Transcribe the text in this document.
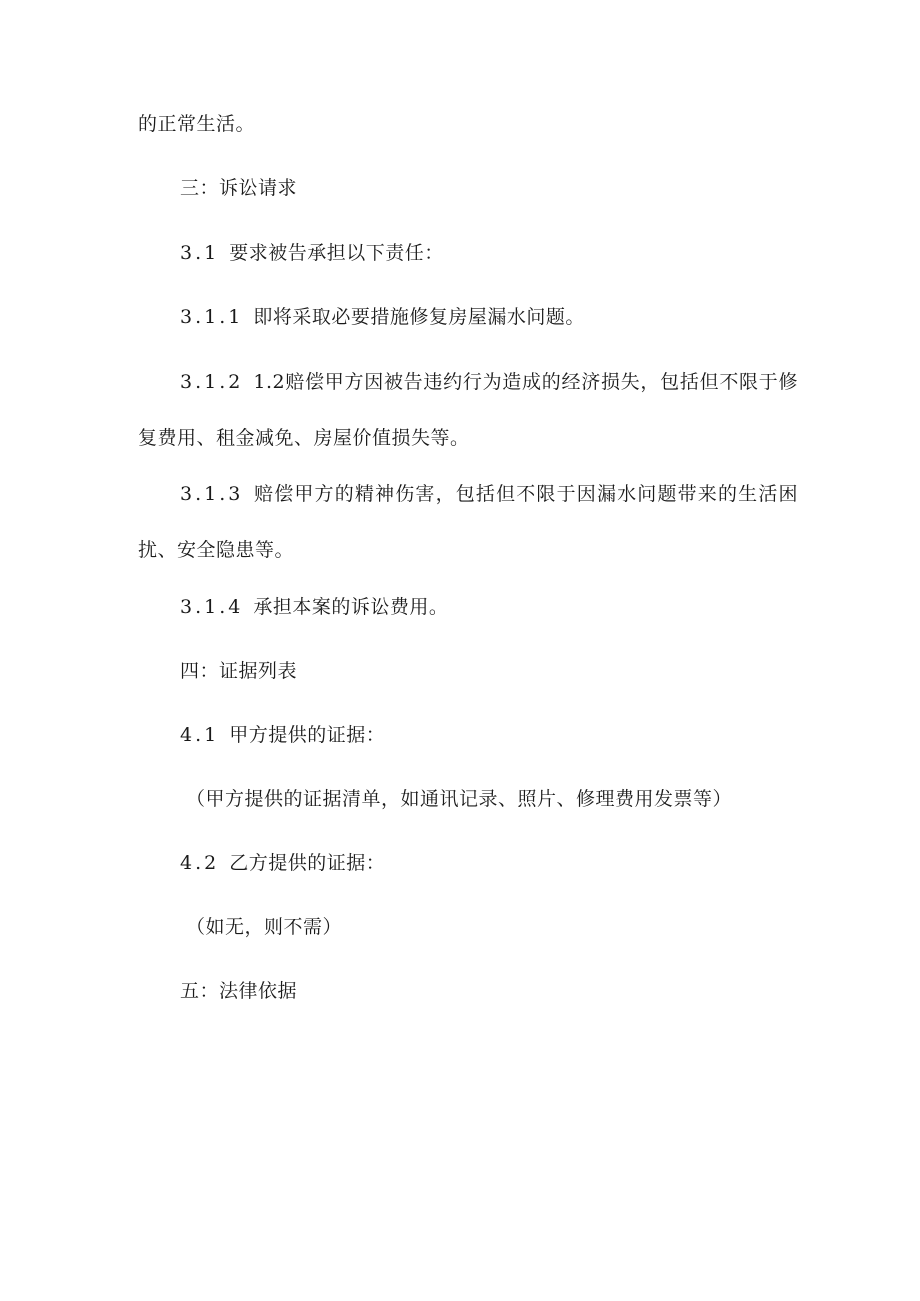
的正常生活。
三：诉讼请求
3.1 要求被告承担以下责任：
3.1.1 即将采取必要措施修复房屋漏水问题。

3.1.2 1.2赔偿甲方因被告违约行为造成的经济损失，包括但不限于修复费用、租金减免、房屋价值损失等。

3.1.3 赔偿甲方的精神伤害，包括但不限于因漏水问题带来的生活困扰、安全隐患等。

3.1.4 承担本案的诉讼费用。
四：证据列表
4.1 甲方提供的证据：
（甲方提供的证据清单，如通讯记录、照片、修理费用发票等）
4.2 乙方提供的证据：
（如无，则不需）
五：法律依据
